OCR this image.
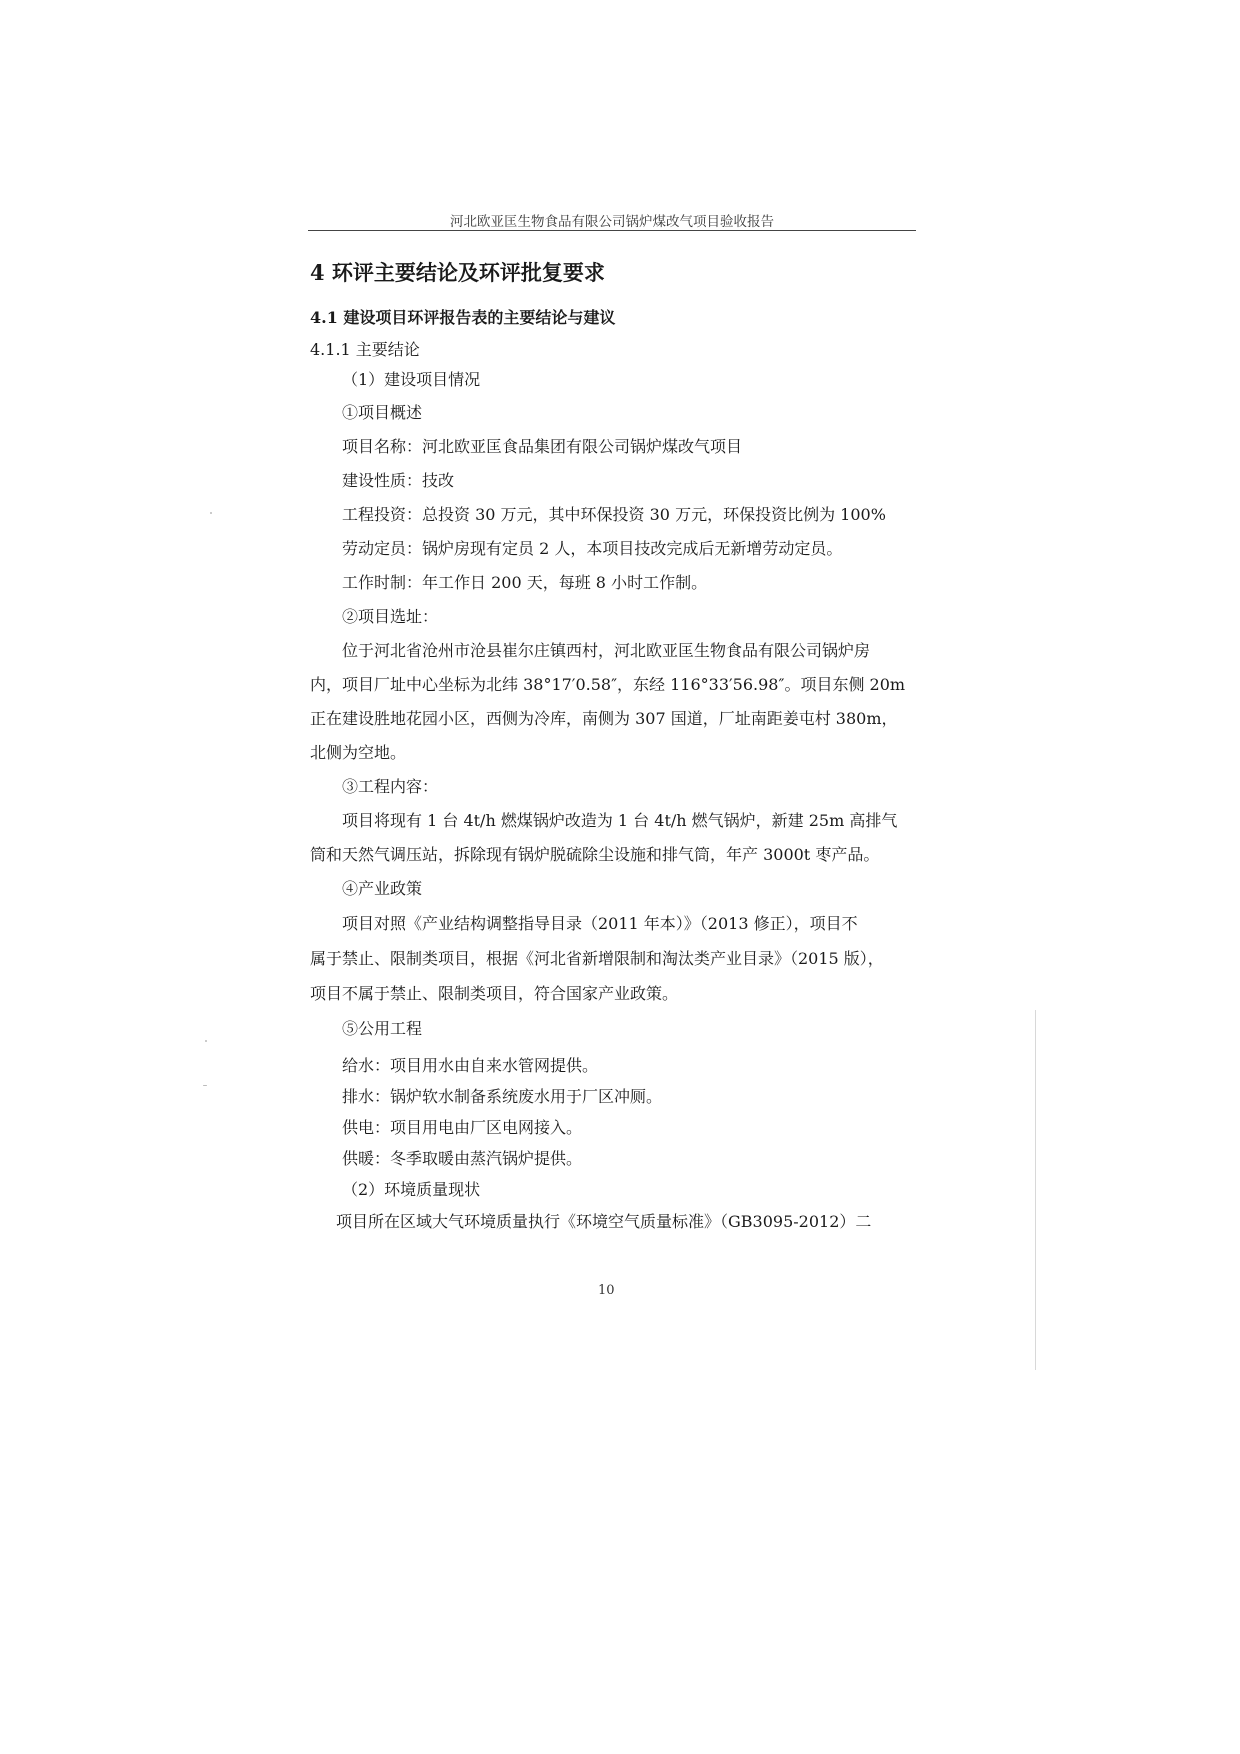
河北欧亚匡生物食品有限公司锅炉煤改气项目验收报告
4 环评主要结论及环评批复要求
4.1 建设项目环评报告表的主要结论与建议
4.1.1 主要结论
（1）建设项目情况
①项目概述
项目名称：河北欧亚匡食品集团有限公司锅炉煤改气项目
建设性质：技改
工程投资：总投资 30 万元，其中环保投资 30 万元，环保投资比例为 100%
劳动定员：锅炉房现有定员 2 人，本项目技改完成后无新增劳动定员。
工作时制：年工作日 200 天，每班 8 小时工作制。
②项目选址：
位于河北省沧州市沧县崔尔庄镇西村，河北欧亚匡生物食品有限公司锅炉房
内，项目厂址中心坐标为北纬 38°17′0.58″，东经 116°33′56.98″。项目东侧 20m
正在建设胜地花园小区，西侧为冷库，南侧为 307 国道，厂址南距姜屯村 380m，
北侧为空地。
③工程内容：
项目将现有 1 台 4t/h 燃煤锅炉改造为 1 台 4t/h 燃气锅炉，新建 25m 高排气
筒和天然气调压站，拆除现有锅炉脱硫除尘设施和排气筒，年产 3000t 枣产品。
④产业政策
项目对照《产业结构调整指导目录（2011 年本）》（2013 修正），项目不
属于禁止、限制类项目，根据《河北省新增限制和淘汰类产业目录》（2015 版），
项目不属于禁止、限制类项目，符合国家产业政策。
⑤公用工程
给水：项目用水由自来水管网提供。
排水：锅炉软水制备系统废水用于厂区冲厕。
供电：项目用电由厂区电网接入。
供暖：冬季取暖由蒸汽锅炉提供。
（2）环境质量现状
项目所在区域大气环境质量执行《环境空气质量标准》（GB3095-2012）二
10
